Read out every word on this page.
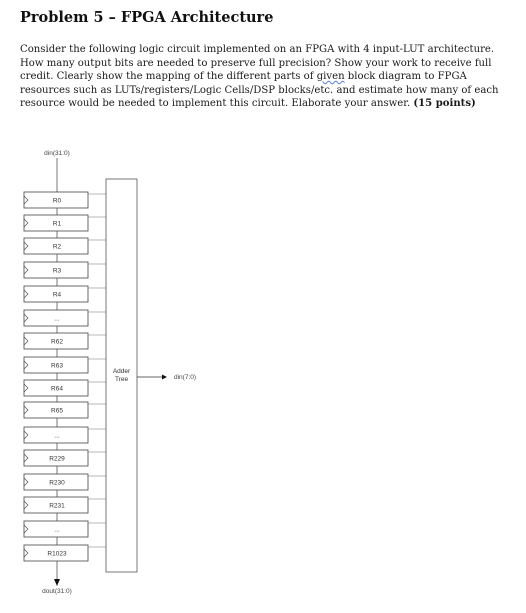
Problem 5 – FPGA Architecture
Consider the following logic circuit implemented on an FPGA with 4 input-LUT architecture. How many output bits are needed to preserve full precision? Show your work to receive full credit. Clearly show the mapping of the different parts of given block diagram to FPGA resources such as LUTs/registers/Logic Cells/DSP blocks/etc. and estimate how many of each resource would be needed to implement this circuit. Elaborate your answer. (15 points)
din(31:0)
R0
R1
R2
R3
R4
...
R62
R63
R64
R65
...
R229
R230
R231
...
R1023
Adder
Tree	din(7:0)
dout(31:0)
